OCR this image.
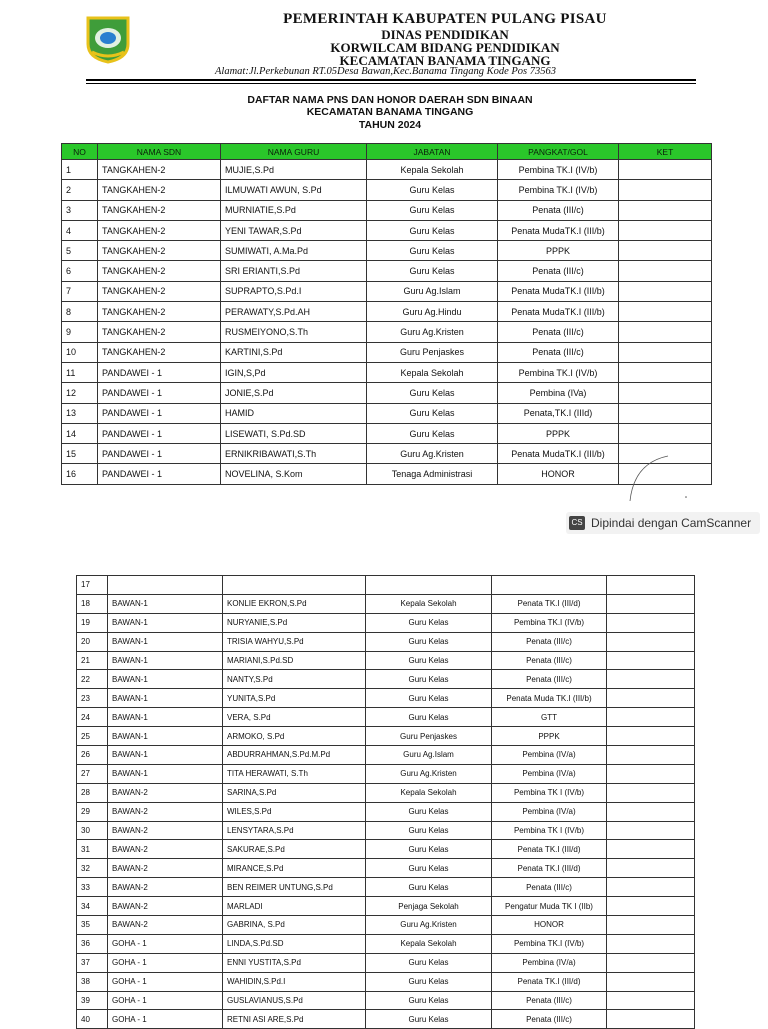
PEMERINTAH KABUPATEN PULANG PISAU
DINAS PENDIDIKAN
KORWILCAM BIDANG PENDIDIKAN
KECAMATAN BANAMA TINGANG
Alamat:Jl.Perkebunan RT.05Desa Bawan,Kec.Banama Tingang Kode Pos 73563
DAFTAR NAMA PNS DAN HONOR DAERAH SDN BINAAN
KECAMATAN BANAMA TINGANG
TAHUN 2024
NO	NAMA SDN	NAMA GURU	JABATAN	PANGKAT/GOL	KET
1	TANGKAHEN-2	MUJIE,S.Pd	Kepala Sekolah	Pembina TK.I (IV/b)	
2	TANGKAHEN-2	ILMUWATI AWUN, S.Pd	Guru Kelas	Pembina TK.I (IV/b)	
3	TANGKAHEN-2	MURNIATIE,S.Pd	Guru Kelas	Penata (III/c)	
4	TANGKAHEN-2	YENI TAWAR,S.Pd	Guru Kelas	Penata MudaTK.I (III/b)	
5	TANGKAHEN-2	SUMIWATI, A.Ma.Pd	Guru Kelas	PPPK	
6	TANGKAHEN-2	SRI ERIANTI,S.Pd	Guru Kelas	Penata (III/c)	
7	TANGKAHEN-2	SUPRAPTO,S.Pd.I	Guru Ag.Islam	Penata MudaTK.I (III/b)	
8	TANGKAHEN-2	PERAWATY,S.Pd.AH	Guru Ag.Hindu	Penata MudaTK.I (III/b)	
9	TANGKAHEN-2	RUSMEIYONO,S.Th	Guru Ag.Kristen	Penata (III/c)	
10	TANGKAHEN-2	KARTINI,S.Pd	Guru Penjaskes	Penata (III/c)	
11	PANDAWEI - 1	IGIN,S,Pd	Kepala Sekolah	Pembina TK.I (IV/b)	
12	PANDAWEI - 1	JONIE,S.Pd	Guru Kelas	Pembina (IVa)	
13	PANDAWEI - 1	HAMID	Guru Kelas	Penata,TK.I (IIId)	
14	PANDAWEI - 1	LISEWATI, S.Pd.SD	Guru Kelas	PPPK	
15	PANDAWEI - 1	ERNIKRIBAWATI,S.Th	Guru Ag.Kristen	Penata MudaTK.I (III/b)	
16	PANDAWEI - 1	NOVELINA, S.Kom	Tenaga Administrasi	HONOR	
CS Dipindai dengan CamScanner
17					
18	BAWAN-1	KONLIE EKRON,S.Pd	Kepala Sekolah	Penata TK.I (III/d)	
19	BAWAN-1	NURYANIE,S.Pd	Guru Kelas	Pembina TK.I (IV/b)	
20	BAWAN-1	TRISIA WAHYU,S.Pd	Guru Kelas	Penata (III/c)	
21	BAWAN-1	MARIANI,S.Pd.SD	Guru Kelas	Penata (III/c)	
22	BAWAN-1	NANTY,S.Pd	Guru Kelas	Penata (III/c)	
23	BAWAN-1	YUNITA,S.Pd	Guru Kelas	Penata Muda TK.I (III/b)	
24	BAWAN-1	VERA, S.Pd	Guru Kelas	GTT	
25	BAWAN-1	ARMOKO, S.Pd	Guru Penjaskes	PPPK	
26	BAWAN-1	ABDURRAHMAN,S.Pd.M.Pd	Guru Ag.Islam	Pembina (IV/a)	
27	BAWAN-1	TITA HERAWATI, S.Th	Guru Ag.Kristen	Pembina (IV/a)	
28	BAWAN-2	SARINA,S.Pd	Kepala Sekolah	Pembina TK I (IV/b)	
29	BAWAN-2	WILES,S.Pd	Guru Kelas	Pembina (IV/a)	
30	BAWAN-2	LENSYTARA,S.Pd	Guru Kelas	Pembina TK I (IV/b)	
31	BAWAN-2	SAKURAE,S.Pd	Guru Kelas	Penata TK.I (III/d)	
32	BAWAN-2	MIRANCE,S.Pd	Guru Kelas	Penata TK.I (III/d)	
33	BAWAN-2	BEN REIMER UNTUNG,S.Pd	Guru Kelas	Penata (III/c)	
34	BAWAN-2	MARLADI	Penjaga Sekolah	Pengatur Muda TK I (IIb)	
35	BAWAN-2	GABRINA, S.Pd	Guru Ag.Kristen	HONOR	
36	GOHA - 1	LINDA,S.Pd.SD	Kepala Sekolah	Pembina TK.I (IV/b)	
37	GOHA - 1	ENNI YUSTITA,S.Pd	Guru Kelas	Pembina (IV/a)	
38	GOHA - 1	WAHIDIN,S.Pd.I	Guru Kelas	Penata TK.I (III/d)	
39	GOHA - 1	GUSLAVIANUS,S.Pd	Guru Kelas	Penata (III/c)	
40	GOHA - 1	RETNI ASI ARE,S.Pd	Guru Kelas	Penata (III/c)	
